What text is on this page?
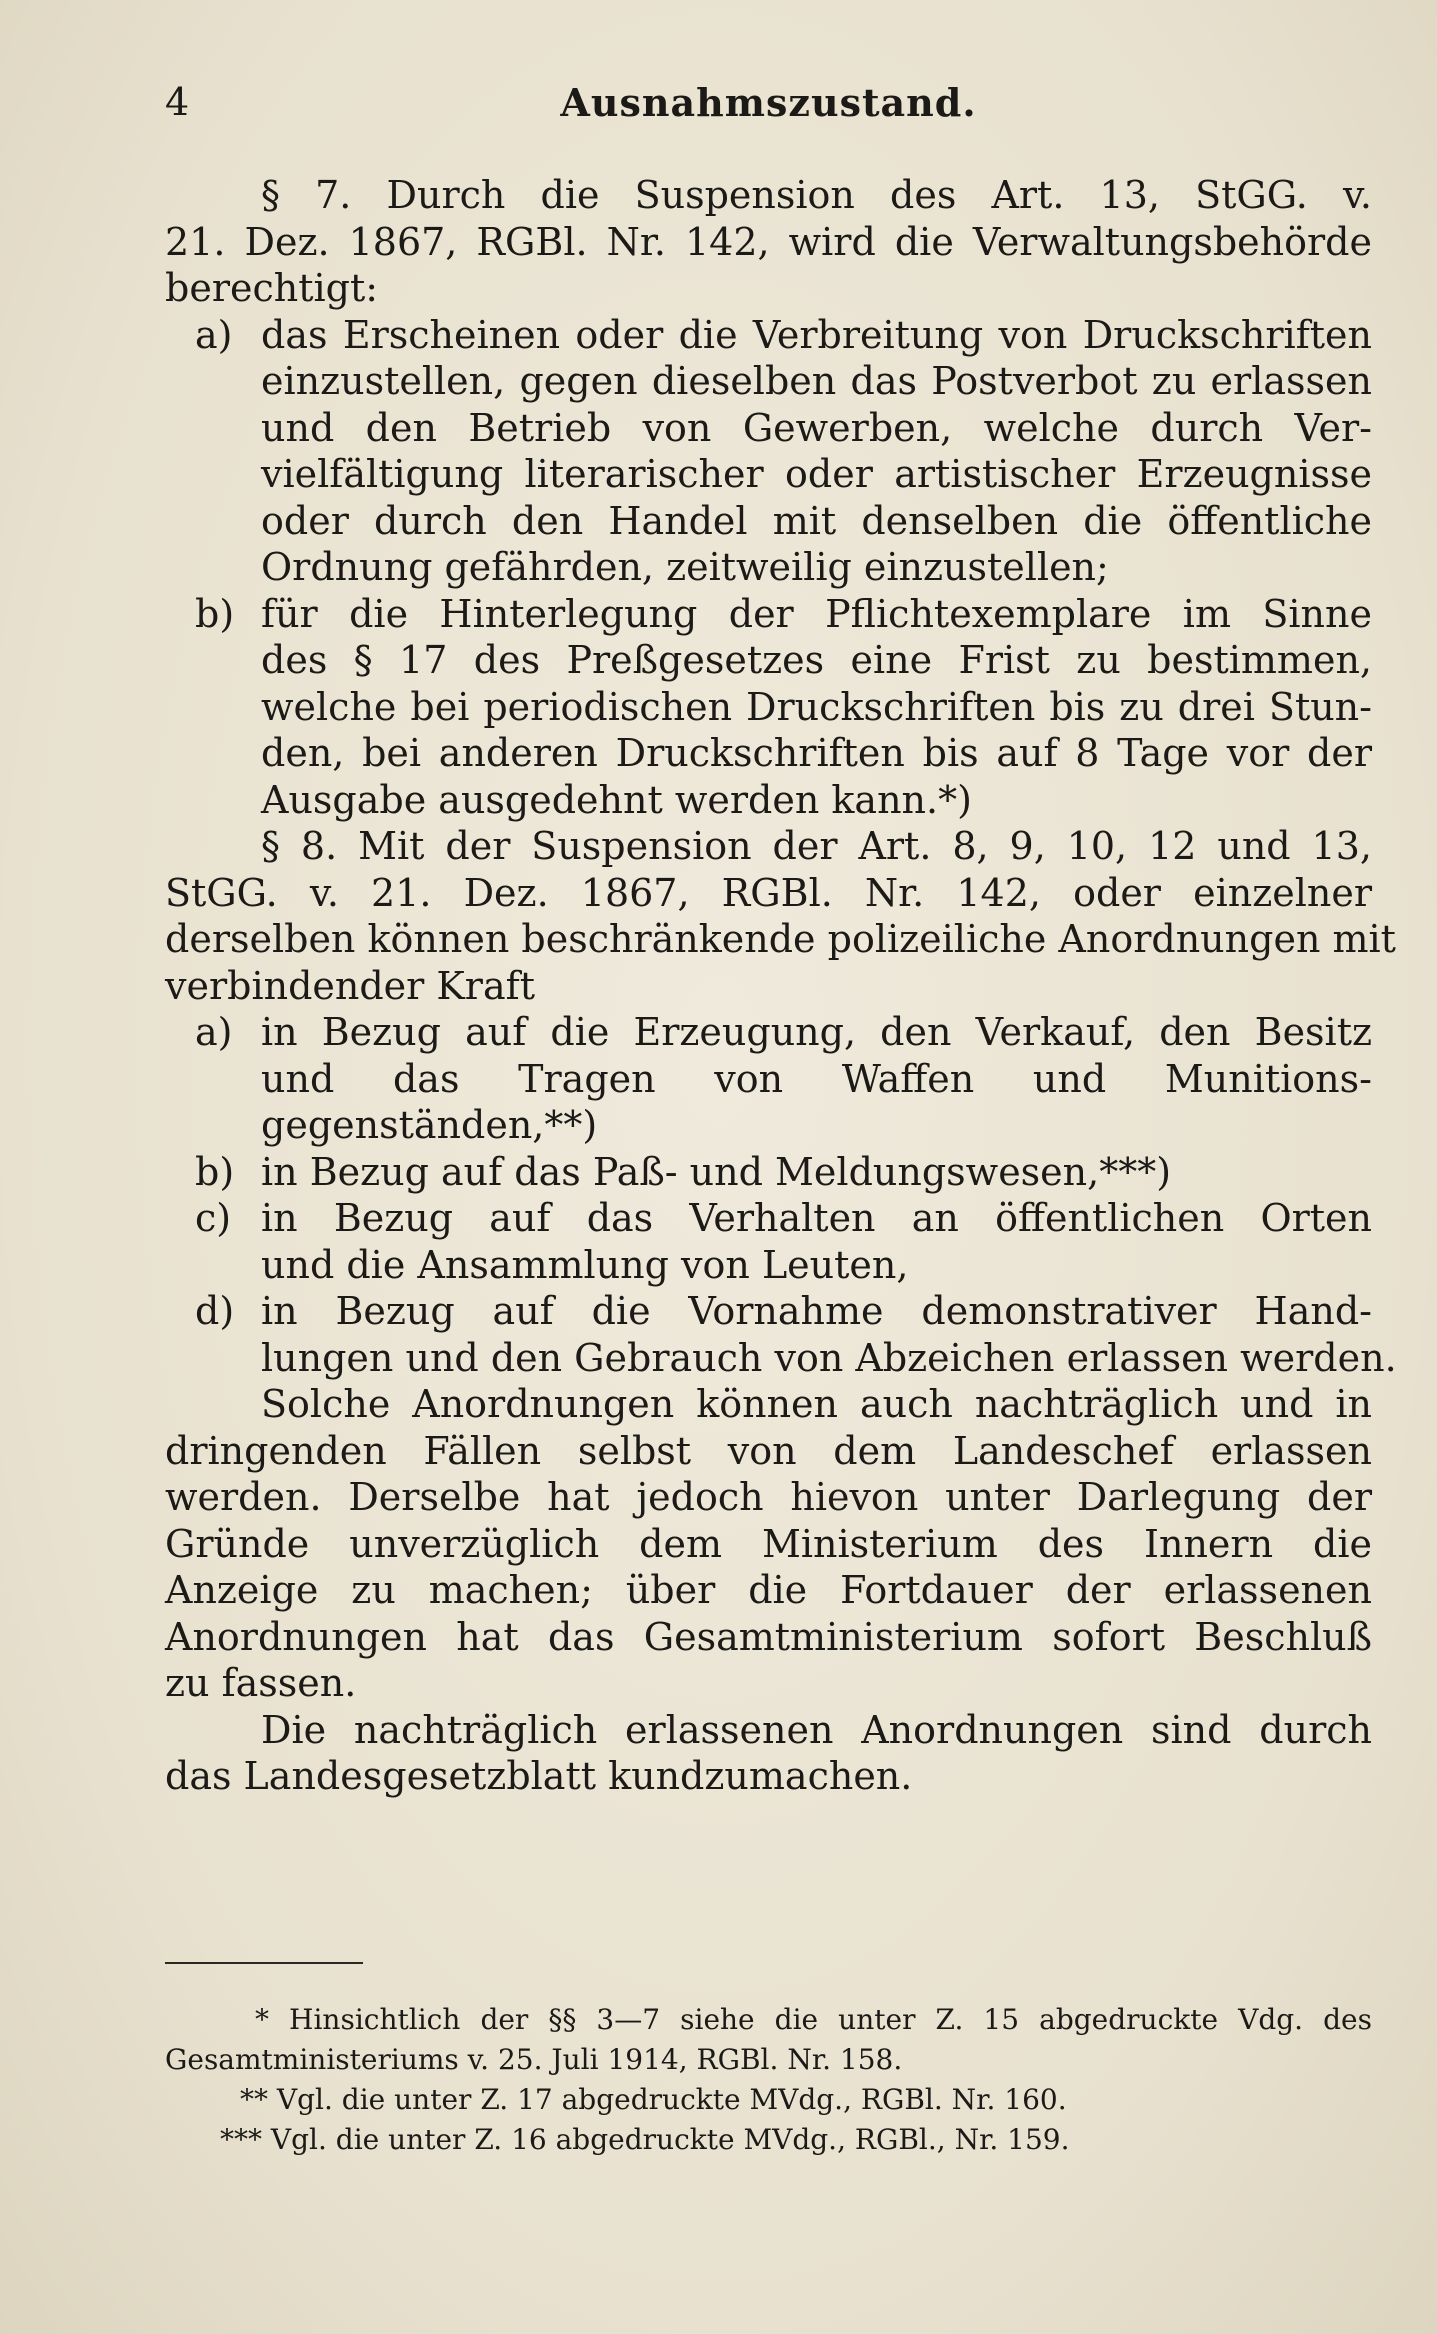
4	Ausnahmszustand.
§ 7. Durch die Suspension des Art. 13, StGG. v.
21. Dez. 1867, RGBl. Nr. 142, wird die Verwaltungsbehörde
berechtigt:
a) das Erscheinen oder die Verbreitung von Druckschriften
einzustellen, gegen dieselben das Postverbot zu erlassen
und den Betrieb von Gewerben, welche durch Ver-
vielfältigung literarischer oder artistischer Erzeugnisse
oder durch den Handel mit denselben die öffentliche
Ordnung gefährden, zeitweilig einzustellen;
b) für die Hinterlegung der Pflichtexemplare im Sinne
des § 17 des Preßgesetzes eine Frist zu bestimmen,
welche bei periodischen Druckschriften bis zu drei Stun-
den, bei anderen Druckschriften bis auf 8 Tage vor der
Ausgabe ausgedehnt werden kann.*)
§ 8. Mit der Suspension der Art. 8, 9, 10, 12 und 13,
StGG. v. 21. Dez. 1867, RGBl. Nr. 142, oder einzelner
derselben können beschränkende polizeiliche Anordnungen mit
verbindender Kraft
a) in Bezug auf die Erzeugung, den Verkauf, den Besitz
und das Tragen von Waffen und Munitions-
gegenständen,**)
b) in Bezug auf das Paß- und Meldungswesen,***)
c) in Bezug auf das Verhalten an öffentlichen Orten
und die Ansammlung von Leuten,
d) in Bezug auf die Vornahme demonstrativer Hand-
lungen und den Gebrauch von Abzeichen erlassen werden.
Solche Anordnungen können auch nachträglich und in
dringenden Fällen selbst von dem Landeschef erlassen
werden. Derselbe hat jedoch hievon unter Darlegung der
Gründe unverzüglich dem Ministerium des Innern die
Anzeige zu machen; über die Fortdauer der erlassenen
Anordnungen hat das Gesamtministerium sofort Beschluß
zu fassen.
Die nachträglich erlassenen Anordnungen sind durch
das Landesgesetzblatt kundzumachen.
* Hinsichtlich der §§ 3—7 siehe die unter Z. 15 abgedruckte Vdg. des
Gesamtministeriums v. 25. Juli 1914, RGBl. Nr. 158.
** Vgl. die unter Z. 17 abgedruckte MVdg., RGBl. Nr. 160.
*** Vgl. die unter Z. 16 abgedruckte MVdg., RGBl., Nr. 159.
